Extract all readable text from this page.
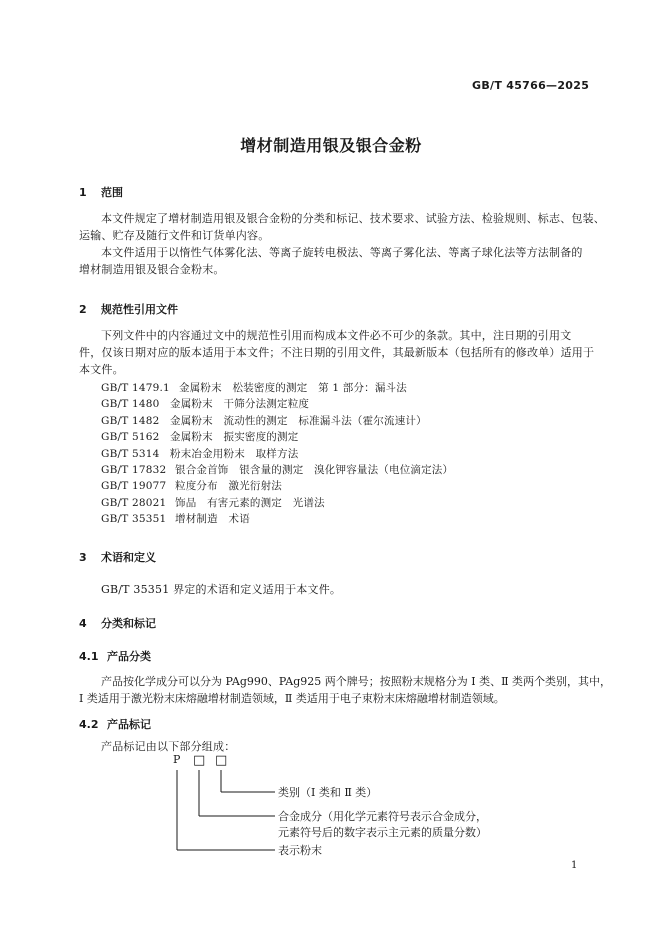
GB/T 45766—2025
增材制造用银及银合金粉
1 范围
本文件规定了增材制造用银及银合金粉的分类和标记、技术要求、试验方法、检验规则、标志、包装、
运输、贮存及随行文件和订货单内容。
本文件适用于以惰性气体雾化法、等离子旋转电极法、等离子雾化法、等离子球化法等方法制备的
增材制造用银及银合金粉末。
2 规范性引用文件
下列文件中的内容通过文中的规范性引用而构成本文件必不可少的条款。其中，注日期的引用文
件，仅该日期对应的版本适用于本文件；不注日期的引用文件，其最新版本（包括所有的修改单）适用于
本文件。
GB/T 1479.1 金属粉末　松装密度的测定　第 1 部分：漏斗法
GB/T 1480 金属粉末　干筛分法测定粒度
GB/T 1482 金属粉末　流动性的测定　标准漏斗法（霍尔流速计）
GB/T 5162 金属粉末　振实密度的测定
GB/T 5314 粉末冶金用粉末　取样方法
GB/T 17832 银合金首饰　银含量的测定　溴化钾容量法（电位滴定法）
GB/T 19077 粒度分布　激光衍射法
GB/T 28021 饰品　有害元素的测定　光谱法
GB/T 35351 增材制造　术语
3 术语和定义
GB/T 35351 界定的术语和定义适用于本文件。
4 分类和标记
4.1 产品分类
产品按化学成分可以分为 PAg990、PAg925 两个牌号；按照粉末规格分为 Ⅰ 类、Ⅱ 类两个类别，其中，
Ⅰ 类适用于激光粉末床熔融增材制造领域，Ⅱ 类适用于电子束粉末床熔融增材制造领域。
4.2 产品标记
产品标记由以下部分组成：
P □ □
类别（Ⅰ 类和 Ⅱ 类）
合金成分（用化学元素符号表示合金成分，
元素符号后的数字表示主元素的质量分数）
表示粉末
1
